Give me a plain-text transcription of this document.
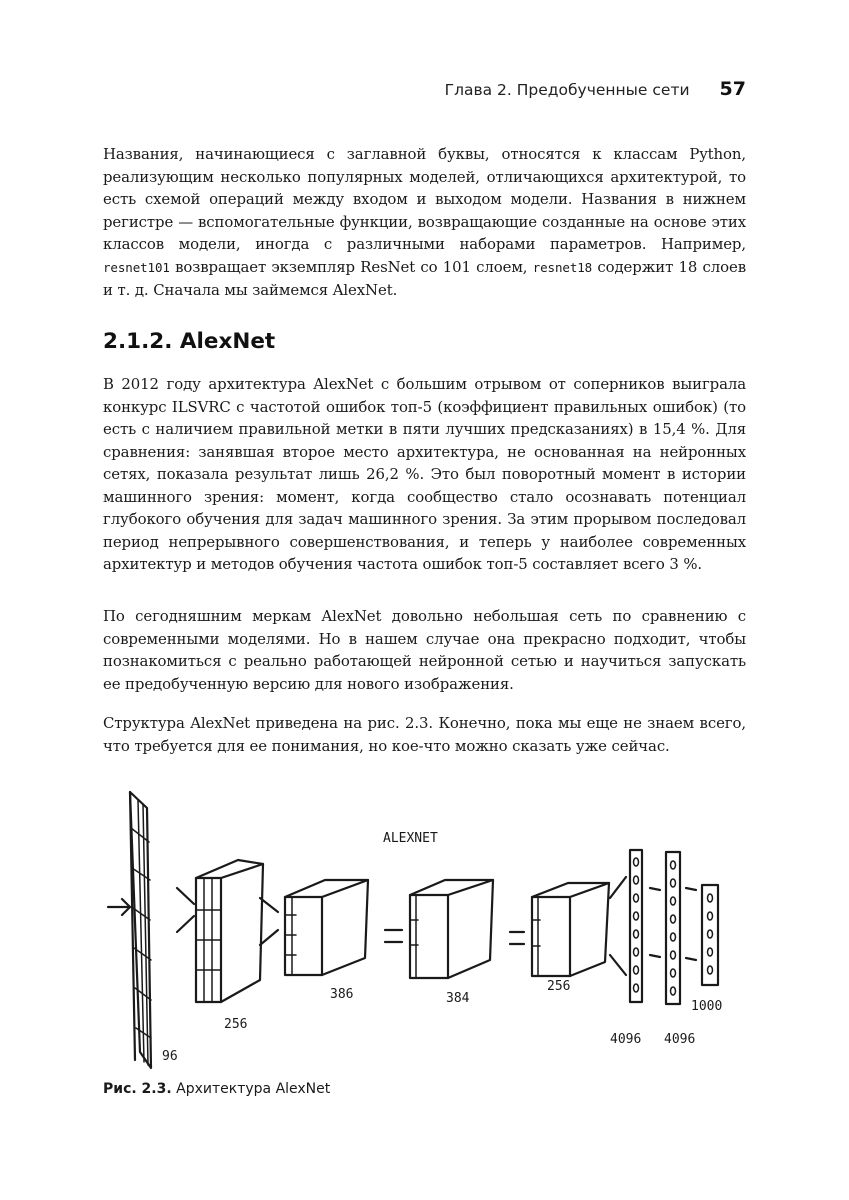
Глава 2. Предобученные сети 57

Названия, начинающиеся с заглавной буквы, относятся к классам Python, реализующим несколько популярных моделей, отличающихся архитектурой, то есть схемой операций между входом и выходом модели. Названия в нижнем регистре — вспомогательные функции, возвращающие созданные на основе этих классов модели, иногда с различными наборами параметров. Например, resnet101 возвращает экземпляр ResNet со 101 слоем, resnet18 содержит 18 слоев и т. д. Сначала мы займемся AlexNet.

2.1.2. AlexNet

В 2012 году архитектура AlexNet с большим отрывом от соперников выиграла конкурс ILSVRC с частотой ошибок топ-5 (коэффициент правильных ошибок) (то есть с наличием правильной метки в пяти лучших предсказаниях) в 15,4 %. Для сравнения: занявшая второе место архитектура, не основанная на нейронных сетях, показала результат лишь 26,2 %. Это был поворотный момент в истории машинного зрения: момент, когда сообщество стало осознавать потенциал глубокого обучения для задач машинного зрения. За этим прорывом последовал период непрерывного совершенствования, и теперь у наиболее современных архитектур и методов обучения частота ошибок топ-5 составляет всего 3 %.

По сегодняшним меркам AlexNet довольно небольшая сеть по сравнению с современными моделями. Но в нашем случае она прекрасно подходит, чтобы познакомиться с реально работающей нейронной сетью и научиться запускать ее предобученную версию для нового изображения.

Структура AlexNet приведена на рис. 2.3. Конечно, пока мы еще не знаем всего, что требуется для ее понимания, но кое-что можно сказать уже сейчас.

ALEXNET
96
256
386	384
256
4096 4096
1000

Рис. 2.3. Архитектура AlexNet
